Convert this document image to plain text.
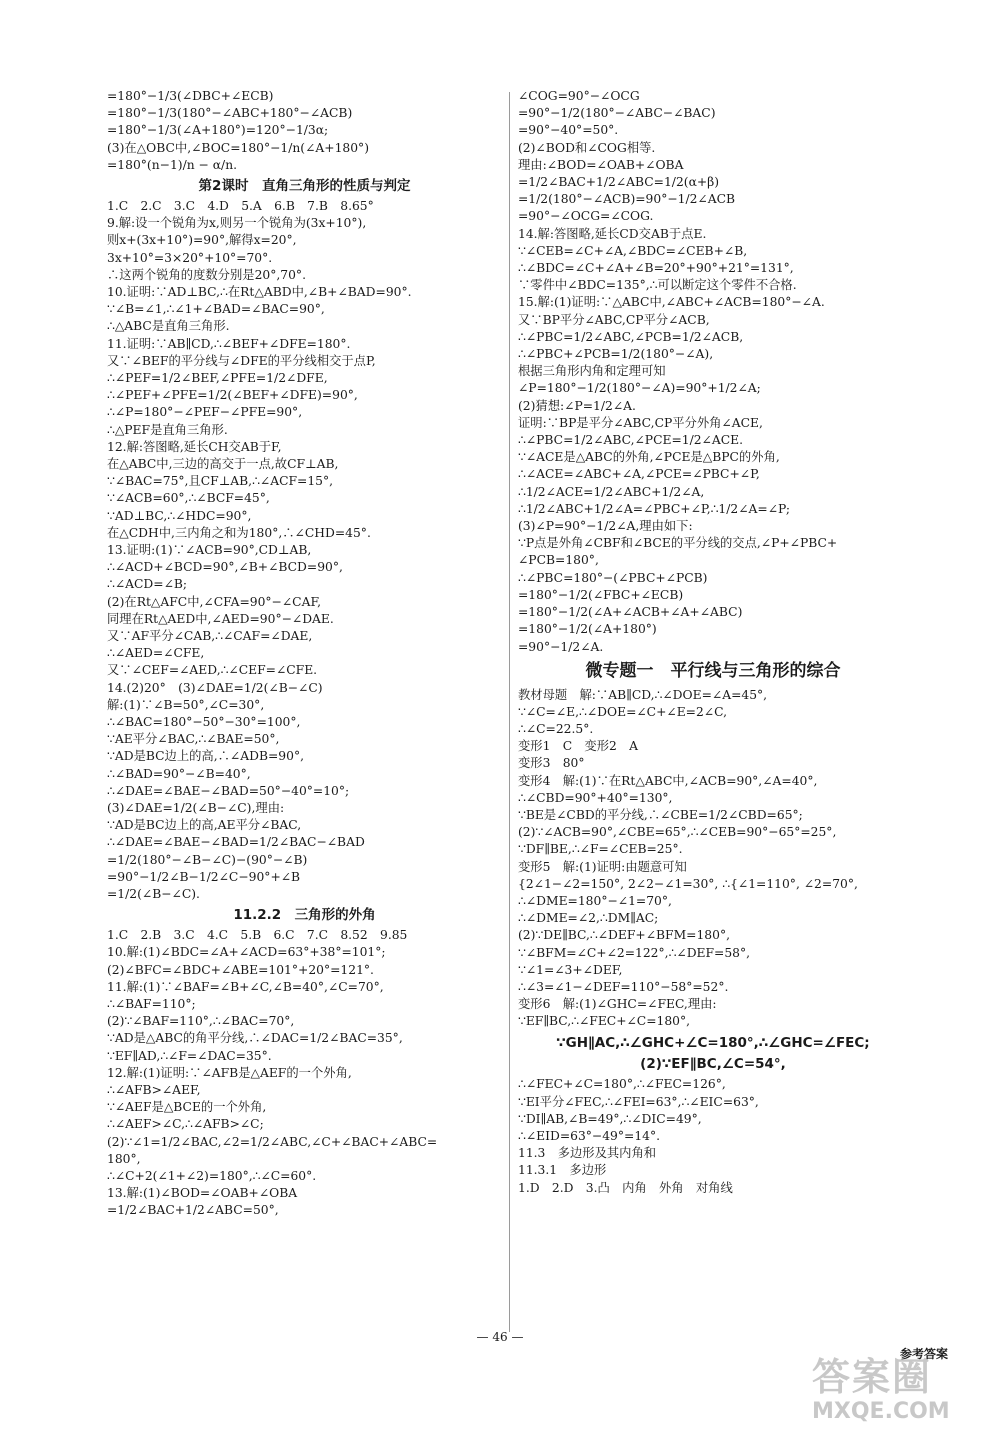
=180°−1/3(∠DBC+∠ECB)

=180°−1/3(180°−∠ABC+180°−∠ACB)

=180°−1/3(∠A+180°)=120°−1/3α;

(3)在△OBC中,∠BOC=180°−1/n(∠A+180°)

=180°(n−1)/n − α/n.

第2课时　直角三角形的性质与判定

1.C　2.C　3.C　4.D　5.A　6.B　7.B　8.65°

9.解:设一个锐角为x,则另一个锐角为(3x+10°),

则x+(3x+10°)=90°,解得x=20°,

3x+10°=3×20°+10°=70°.

∴这两个锐角的度数分别是20°,70°.

10.证明:∵AD⊥BC,∴在Rt△ABD中,∠B+∠BAD=90°.

∵∠B=∠1,∴∠1+∠BAD=∠BAC=90°,

∴△ABC是直角三角形.

11.证明:∵AB∥CD,∴∠BEF+∠DFE=180°.

又∵∠BEF的平分线与∠DFE的平分线相交于点P,

∴∠PEF=1/2∠BEF,∠PFE=1/2∠DFE,

∴∠PEF+∠PFE=1/2(∠BEF+∠DFE)=90°,

∴∠P=180°−∠PEF−∠PFE=90°,

∴△PEF是直角三角形.

12.解:答图略,延长CH交AB于F,

在△ABC中,三边的高交于一点,故CF⊥AB,

∵∠BAC=75°,且CF⊥AB,∴∠ACF=15°,

∵∠ACB=60°,∴∠BCF=45°,

∵AD⊥BC,∴∠HDC=90°,

在△CDH中,三内角之和为180°,∴∠CHD=45°.

13.证明:(1)∵∠ACB=90°,CD⊥AB,

∴∠ACD+∠BCD=90°,∠B+∠BCD=90°,

∴∠ACD=∠B;

(2)在Rt△AFC中,∠CFA=90°−∠CAF,

同理在Rt△AED中,∠AED=90°−∠DAE.

又∵AF平分∠CAB,∴∠CAF=∠DAE,

∴∠AED=∠CFE,

又∵∠CEF=∠AED,∴∠CEF=∠CFE.

14.(2)20°　(3)∠DAE=1/2(∠B−∠C)

解:(1)∵∠B=50°,∠C=30°,

∴∠BAC=180°−50°−30°=100°,

∵AE平分∠BAC,∴∠BAE=50°,

∵AD是BC边上的高,∴∠ADB=90°,

∴∠BAD=90°−∠B=40°,

∴∠DAE=∠BAE−∠BAD=50°−40°=10°;

(3)∠DAE=1/2(∠B−∠C),理由:

∵AD是BC边上的高,AE平分∠BAC,

∴∠DAE=∠BAE−∠BAD=1/2∠BAC−∠BAD

=1/2(180°−∠B−∠C)−(90°−∠B)

=90°−1/2∠B−1/2∠C−90°+∠B

=1/2(∠B−∠C).

11.2.2　三角形的外角

1.C　2.B　3.C　4.C　5.B　6.C　7.C　8.52　9.85

10.解:(1)∠BDC=∠A+∠ACD=63°+38°=101°;

(2)∠BFC=∠BDC+∠ABE=101°+20°=121°.

11.解:(1)∵∠BAF=∠B+∠C,∠B=40°,∠C=70°,

∴∠BAF=110°;

(2)∵∠BAF=110°,∴∠BAC=70°,

∵AD是△ABC的角平分线,∴∠DAC=1/2∠BAC=35°,

∵EF∥AD,∴∠F=∠DAC=35°.

12.解:(1)证明:∵∠AFB是△AEF的一个外角,

∴∠AFB>∠AEF,

∵∠AEF是△BCE的一个外角,

∴∠AEF>∠C,∴∠AFB>∠C;

(2)∵∠1=1/2∠BAC,∠2=1/2∠ABC,∠C+∠BAC+∠ABC=

180°,

∴∠C+2(∠1+∠2)=180°,∴∠C=60°.

13.解:(1)∠BOD=∠OAB+∠OBA

=1/2∠BAC+1/2∠ABC=50°,

∠COG=90°−∠OCG

=90°−1/2(180°−∠ABC−∠BAC)

=90°−40°=50°.

(2)∠BOD和∠COG相等.

理由:∠BOD=∠OAB+∠OBA

=1/2∠BAC+1/2∠ABC=1/2(α+β)

=1/2(180°−∠ACB)=90°−1/2∠ACB

=90°−∠OCG=∠COG.

14.解:答图略,延长CD交AB于点E.

∵∠CEB=∠C+∠A,∠BDC=∠CEB+∠B,

∴∠BDC=∠C+∠A+∠B=20°+90°+21°=131°,

∵零件中∠BDC=135°,∴可以断定这个零件不合格.

15.解:(1)证明:∵△ABC中,∠ABC+∠ACB=180°−∠A.

又∵BP平分∠ABC,CP平分∠ACB,

∴∠PBC=1/2∠ABC,∠PCB=1/2∠ACB,

∴∠PBC+∠PCB=1/2(180°−∠A),

根据三角形内角和定理可知

∠P=180°−1/2(180°−∠A)=90°+1/2∠A;

(2)猜想:∠P=1/2∠A.

证明:∵BP是平分∠ABC,CP平分外角∠ACE,

∴∠PBC=1/2∠ABC,∠PCE=1/2∠ACE.

∵∠ACE是△ABC的外角,∠PCE是△BPC的外角,

∴∠ACE=∠ABC+∠A,∠PCE=∠PBC+∠P,

∴1/2∠ACE=1/2∠ABC+1/2∠A,

∴1/2∠ABC+1/2∠A=∠PBC+∠P,∴1/2∠A=∠P;

(3)∠P=90°−1/2∠A,理由如下:

∵P点是外角∠CBF和∠BCE的平分线的交点,∠P+∠PBC+

∠PCB=180°,

∴∠PBC=180°−(∠PBC+∠PCB)

=180°−1/2(∠FBC+∠ECB)

=180°−1/2(∠A+∠ACB+∠A+∠ABC)

=180°−1/2(∠A+180°)

=90°−1/2∠A.

微专题一　平行线与三角形的综合

教材母题　解:∵AB∥CD,∴∠DOE=∠A=45°,

∵∠C=∠E,∴∠DOE=∠C+∠E=2∠C,

∴∠C=22.5°.

变形1　C　变形2　A

变形3　80°

变形4　解:(1)∵在Rt△ABC中,∠ACB=90°,∠A=40°,

∴∠CBD=90°+40°=130°,

∵BE是∠CBD的平分线,∴∠CBE=1/2∠CBD=65°;

(2)∵∠ACB=90°,∠CBE=65°,∴∠CEB=90°−65°=25°,

∵DF∥BE,∴∠F=∠CEB=25°.

变形5　解:(1)证明:由题意可知

{2∠1−∠2=150°, 2∠2−∠1=30°, ∴{∠1=110°, ∠2=70°,

∴∠DME=180°−∠1=70°,

∴∠DME=∠2,∴DM∥AC;

(2)∵DE∥BC,∴∠DEF+∠BFM=180°,

∵∠BFM=∠C+∠2=122°,∴∠DEF=58°,

∵∠1=∠3+∠DEF,

∴∠3=∠1−∠DEF=110°−58°=52°.

变形6　解:(1)∠GHC=∠FEC,理由:

∵EF∥BC,∴∠FEC+∠C=180°,

∵GH∥AC,∴∠GHC+∠C=180°,∴∠GHC=∠FEC;

(2)∵EF∥BC,∠C=54°,

∴∠FEC+∠C=180°,∴∠FEC=126°,

∵EI平分∠FEC,∴∠FEI=63°,∴∠EIC=63°,

∵DI∥AB,∠B=49°,∴∠DIC=49°,

∴∠EID=63°−49°=14°.

11.3　多边形及其内角和

11.3.1　多边形

1.D　2.D　3.凸　内角　外角　对角线

— 46 —
参考答案
答案圈
MXQE.COM
